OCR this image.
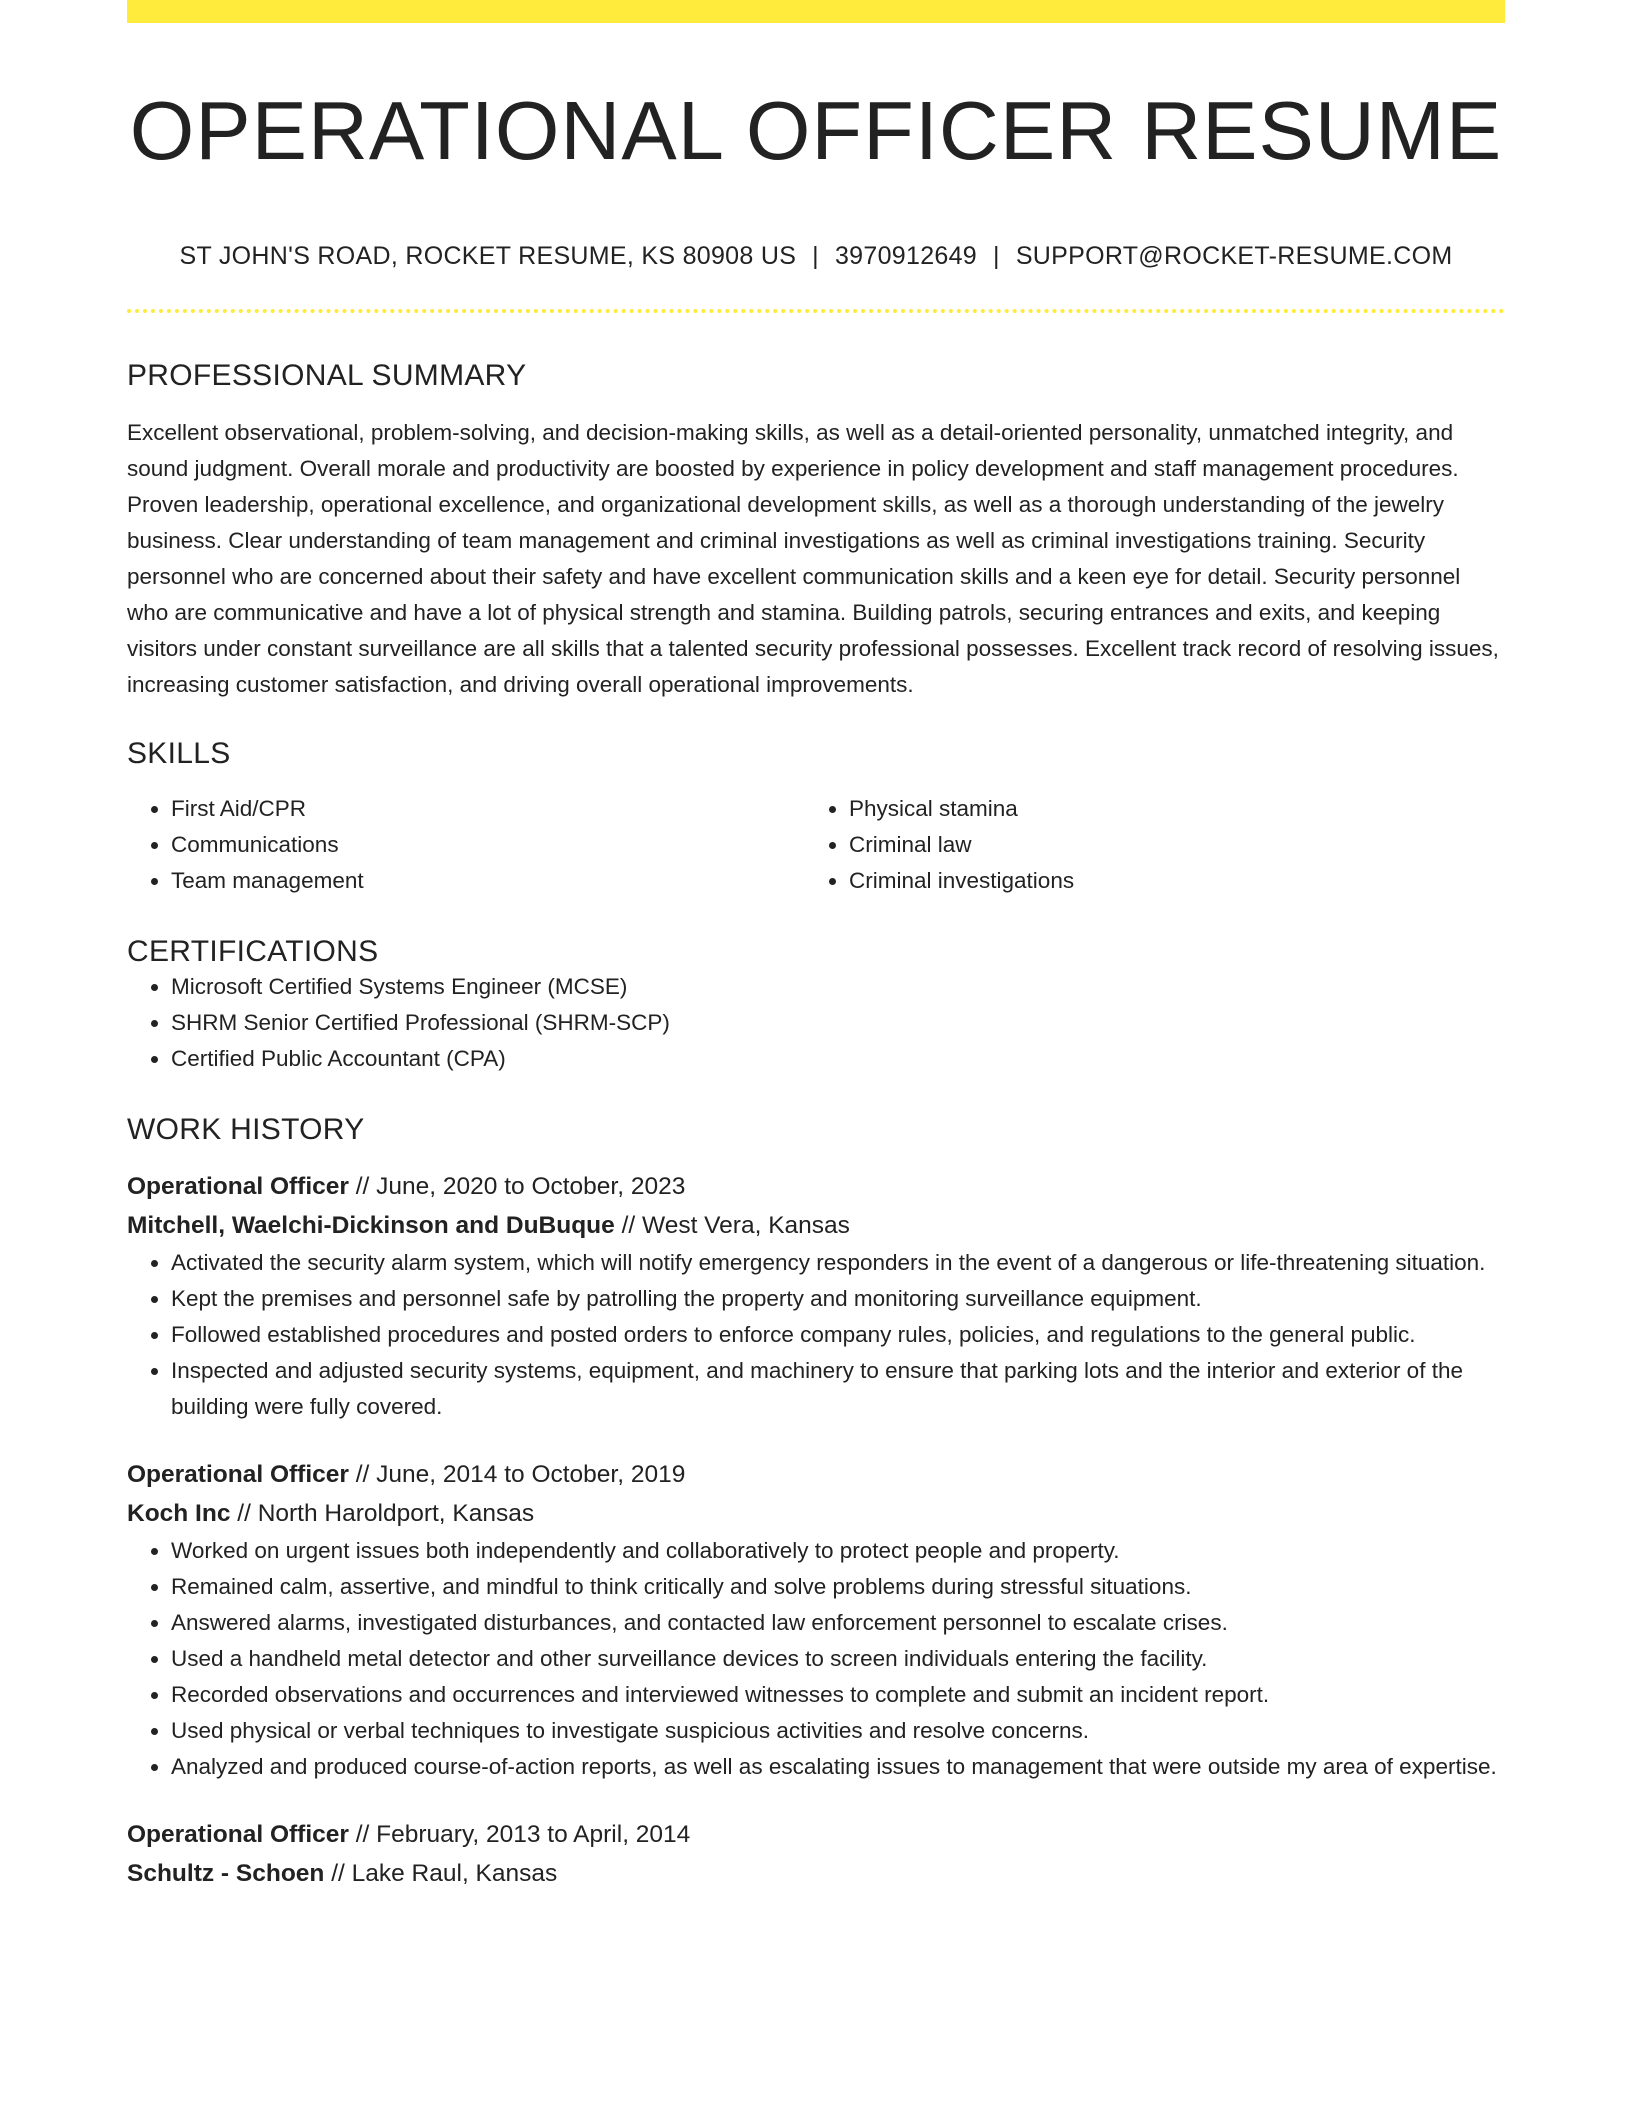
OPERATIONAL OFFICER RESUME
ST JOHN'S ROAD, ROCKET RESUME, KS 80908 US | 3970912649 | SUPPORT@ROCKET-RESUME.COM
PROFESSIONAL SUMMARY

Excellent observational, problem-solving, and decision-making skills, as well as a detail-oriented personality, unmatched integrity, and sound judgment. Overall morale and productivity are boosted by experience in policy development and staff management procedures. Proven leadership, operational excellence, and organizational development skills, as well as a thorough understanding of the jewelry business. Clear understanding of team management and criminal investigations as well as criminal investigations training. Security personnel who are concerned about their safety and have excellent communication skills and a keen eye for detail. Security personnel who are communicative and have a lot of physical strength and stamina. Building patrols, securing entrances and exits, and keeping visitors under constant surveillance are all skills that a talented security professional possesses. Excellent track record of resolving issues, increasing customer satisfaction, and driving overall operational improvements.

SKILLS
• First Aid/CPR
• Communications
• Team management
• Physical stamina
• Criminal law
• Criminal investigations
CERTIFICATIONS
• Microsoft Certified Systems Engineer (MCSE)
• SHRM Senior Certified Professional (SHRM-SCP)
• Certified Public Accountant (CPA)
WORK HISTORY
Operational Officer // June, 2020 to October, 2023
Mitchell, Waelchi-Dickinson and DuBuque // West Vera, Kansas
• Activated the security alarm system, which will notify emergency responders in the event of a dangerous or life-threatening situation.
• Kept the premises and personnel safe by patrolling the property and monitoring surveillance equipment.
• Followed established procedures and posted orders to enforce company rules, policies, and regulations to the general public.
• Inspected and adjusted security systems, equipment, and machinery to ensure that parking lots and the interior and exterior of the building were fully covered.
Operational Officer // June, 2014 to October, 2019
Koch Inc // North Haroldport, Kansas
• Worked on urgent issues both independently and collaboratively to protect people and property.
• Remained calm, assertive, and mindful to think critically and solve problems during stressful situations.
• Answered alarms, investigated disturbances, and contacted law enforcement personnel to escalate crises.
• Used a handheld metal detector and other surveillance devices to screen individuals entering the facility.
• Recorded observations and occurrences and interviewed witnesses to complete and submit an incident report.
• Used physical or verbal techniques to investigate suspicious activities and resolve concerns.
• Analyzed and produced course-of-action reports, as well as escalating issues to management that were outside my area of expertise.
Operational Officer // February, 2013 to April, 2014
Schultz - Schoen // Lake Raul, Kansas
